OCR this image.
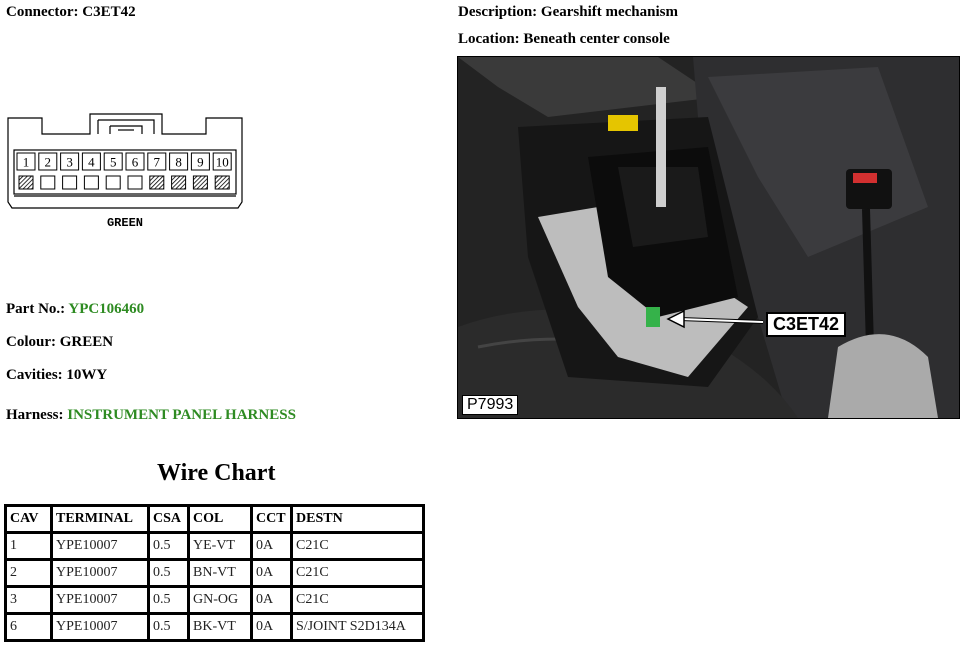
Connector: C3ET42	Description: Gearshift mechanism
Location: Beneath center console
1 2 3 4 5 6 7 8 9 10
GREEN
Part No.: YPC106460
Colour: GREEN
Cavities: 10WY
Harness: INSTRUMENT PANEL HARNESS
Wire Chart
CAV	TERMINAL	CSA	COL	CCT	DESTN
1	YPE10007	0.5	YE-VT	0A	C21C
2	YPE10007	0.5	BN-VT	0A	C21C
3	YPE10007	0.5	GN-OG	0A	C21C
6	YPE10007	0.5	BK-VT	0A	S/JOINT S2D134A
C3ET42
P7993
